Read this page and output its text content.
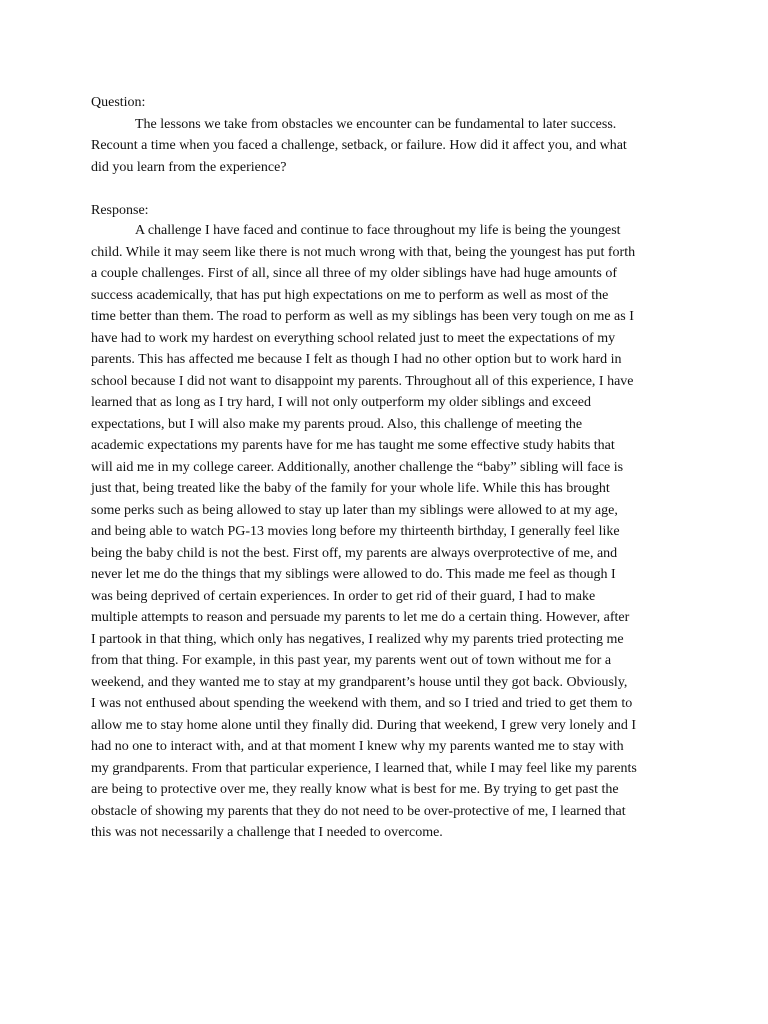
Question:
The lessons we take from obstacles we encounter can be fundamental to later success.
Recount a time when you faced a challenge, setback, or failure. How did it affect you, and what
did you learn from the experience?
Response:
A challenge I have faced and continue to face throughout my life is being the youngest
child. While it may seem like there is not much wrong with that, being the youngest has put forth
a couple challenges. First of all, since all three of my older siblings have had huge amounts of
success academically, that has put high expectations on me to perform as well as most of the
time better than them. The road to perform as well as my siblings has been very tough on me as I
have had to work my hardest on everything school related just to meet the expectations of my
parents. This has affected me because I felt as though I had no other option but to work hard in
school because I did not want to disappoint my parents. Throughout all of this experience, I have
learned that as long as I try hard, I will not only outperform my older siblings and exceed
expectations, but I will also make my parents proud. Also, this challenge of meeting the
academic expectations my parents have for me has taught me some effective study habits that
will aid me in my college career. Additionally, another challenge the “baby” sibling will face is
just that, being treated like the baby of the family for your whole life. While this has brought
some perks such as being allowed to stay up later than my siblings were allowed to at my age,
and being able to watch PG-13 movies long before my thirteenth birthday, I generally feel like
being the baby child is not the best. First off, my parents are always overprotective of me, and
never let me do the things that my siblings were allowed to do. This made me feel as though I
was being deprived of certain experiences. In order to get rid of their guard, I had to make
multiple attempts to reason and persuade my parents to let me do a certain thing. However, after
I partook in that thing, which only has negatives, I realized why my parents tried protecting me
from that thing. For example, in this past year, my parents went out of town without me for a
weekend, and they wanted me to stay at my grandparent’s house until they got back. Obviously,
I was not enthused about spending the weekend with them, and so I tried and tried to get them to
allow me to stay home alone until they finally did. During that weekend, I grew very lonely and I
had no one to interact with, and at that moment I knew why my parents wanted me to stay with
my grandparents. From that particular experience, I learned that, while I may feel like my parents
are being to protective over me, they really know what is best for me. By trying to get past the
obstacle of showing my parents that they do not need to be over-protective of me, I learned that
this was not necessarily a challenge that I needed to overcome.
